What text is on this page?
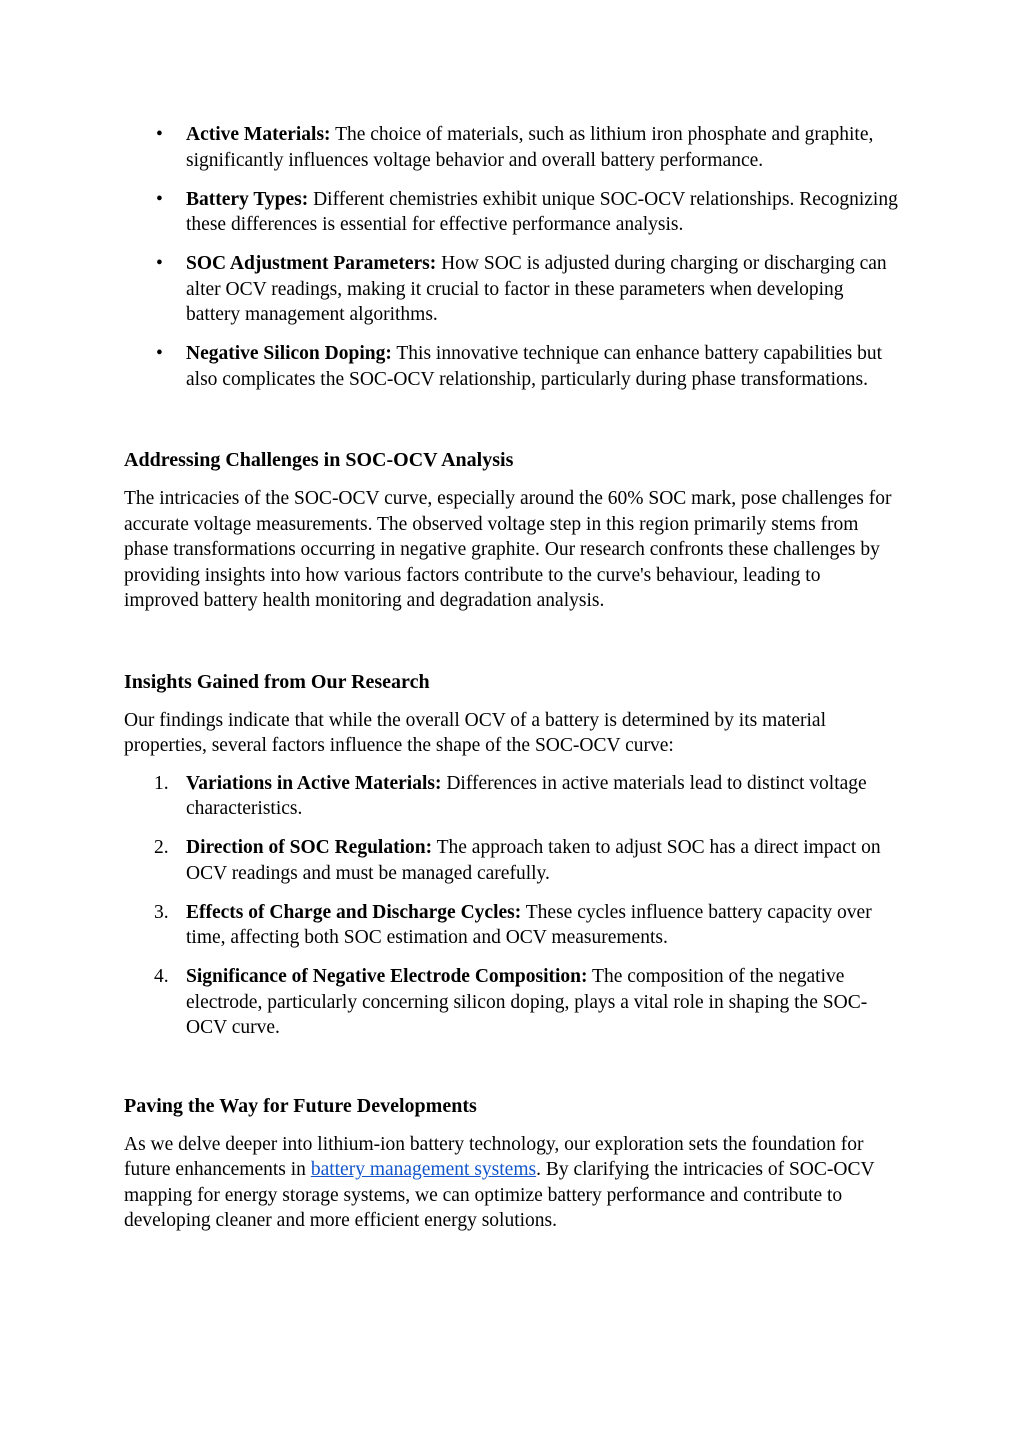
• Active Materials: The choice of materials, such as lithium iron phosphate and graphite, significantly influences voltage behavior and overall battery performance.
• Battery Types: Different chemistries exhibit unique SOC-OCV relationships. Recognizing these differences is essential for effective performance analysis.
• SOC Adjustment Parameters: How SOC is adjusted during charging or discharging can alter OCV readings, making it crucial to factor in these parameters when developing battery management algorithms.
• Negative Silicon Doping: This innovative technique can enhance battery capabilities but also complicates the SOC-OCV relationship, particularly during phase transformations.
Addressing Challenges in SOC-OCV Analysis

The intricacies of the SOC-OCV curve, especially around the 60% SOC mark, pose challenges for accurate voltage measurements. The observed voltage step in this region primarily stems from phase transformations occurring in negative graphite. Our research confronts these challenges by providing insights into how various factors contribute to the curve's behaviour, leading to improved battery health monitoring and degradation analysis.

Insights Gained from Our Research

Our findings indicate that while the overall OCV of a battery is determined by its material properties, several factors influence the shape of the SOC-OCV curve:

1. Variations in Active Materials: Differences in active materials lead to distinct voltage characteristics.
2. Direction of SOC Regulation: The approach taken to adjust SOC has a direct impact on OCV readings and must be managed carefully.
3. Effects of Charge and Discharge Cycles: These cycles influence battery capacity over time, affecting both SOC estimation and OCV measurements.
4. Significance of Negative Electrode Composition: The composition of the negative electrode, particularly concerning silicon doping, plays a vital role in shaping the SOC-OCV curve.
Paving the Way for Future Developments

As we delve deeper into lithium-ion battery technology, our exploration sets the foundation for future enhancements in battery management systems. By clarifying the intricacies of SOC-OCV mapping for energy storage systems, we can optimize battery performance and contribute to developing cleaner and more efficient energy solutions.
